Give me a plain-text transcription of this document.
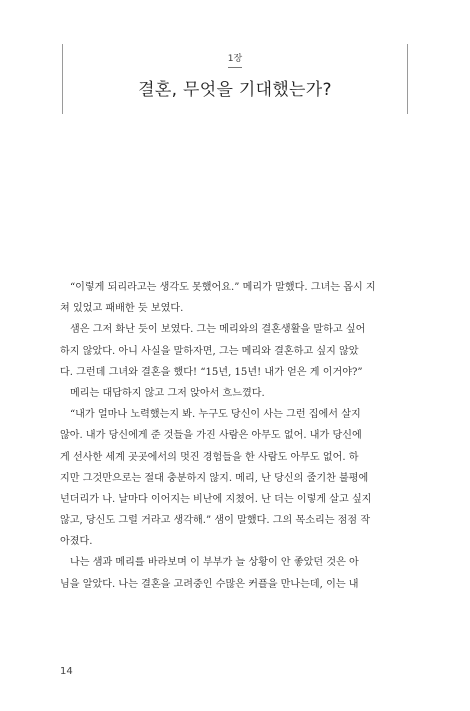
1장
결혼, 무엇을 기대했는가?
“이렇게 되리라고는 생각도 못했어요.” 메리가 말했다. 그녀는 몹시 지
쳐 있었고 패배한 듯 보였다.
샘은 그저 화난 듯이 보였다. 그는 메리와의 결혼생활을 말하고 싶어
하지 않았다. 아니 사실을 말하자면, 그는 메리와 결혼하고 싶지 않았
다. 그런데 그녀와 결혼을 했다! “15년, 15년! 내가 얻은 게 이거야?”
메리는 대답하지 않고 그저 앉아서 흐느꼈다.
“내가 얼마나 노력했는지 봐. 누구도 당신이 사는 그런 집에서 살지
않아. 내가 당신에게 준 것들을 가진 사람은 아무도 없어. 내가 당신에
게 선사한 세계 곳곳에서의 멋진 경험들을 한 사람도 아무도 없어. 하
지만 그것만으로는 절대 충분하지 않지. 메리, 난 당신의 줄기찬 불평에
넌더리가 나. 날마다 이어지는 비난에 지쳤어. 난 더는 이렇게 살고 싶지
않고, 당신도 그럴 거라고 생각해.” 샘이 말했다. 그의 목소리는 점점 작
아졌다.
나는 샘과 메리를 바라보며 이 부부가 늘 상황이 안 좋았던 것은 아
님을 알았다. 나는 결혼을 고려중인 수많은 커플을 만나는데, 이는 내
14
